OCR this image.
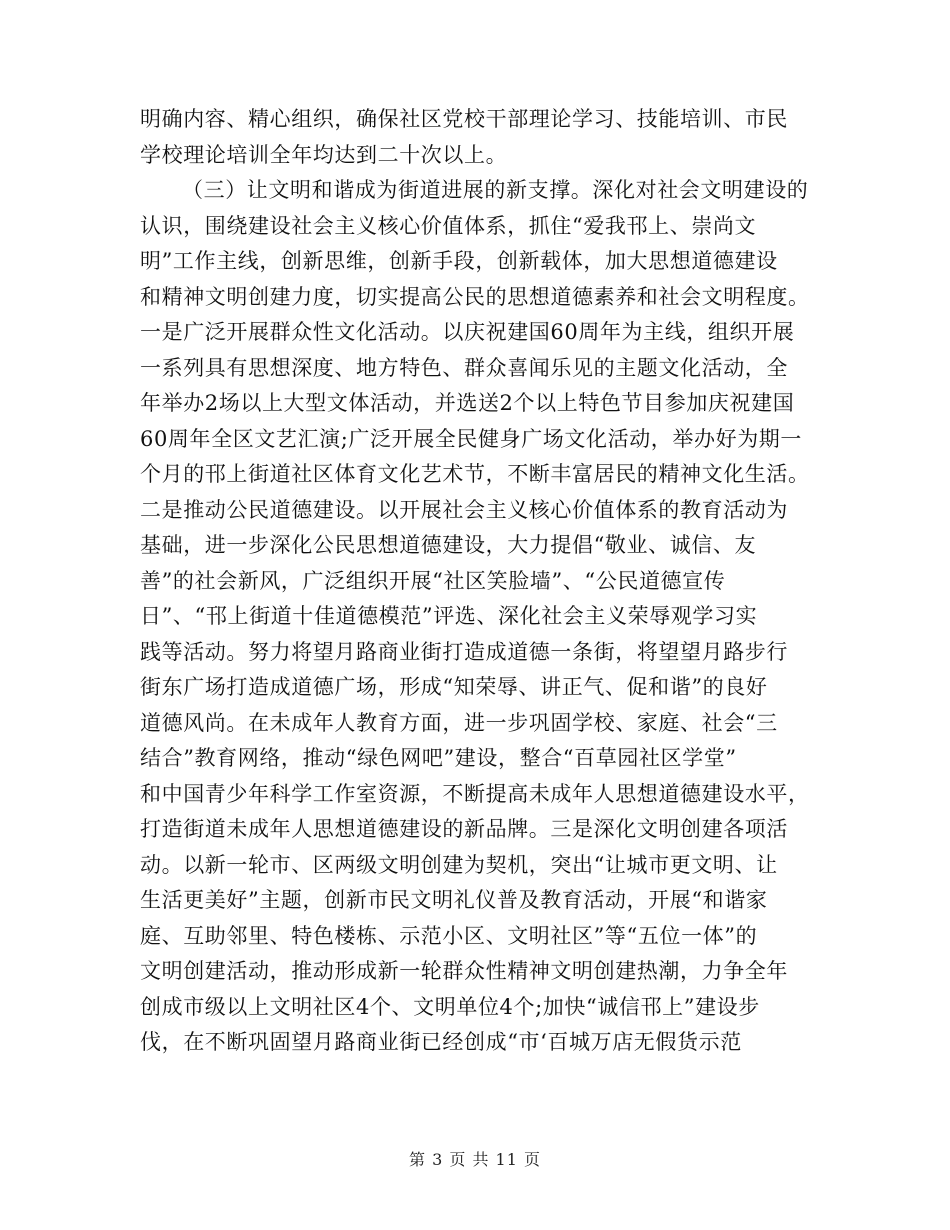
明确内容、精心组织，确保社区党校干部理论学习、技能培训、市民
学校理论培训全年均达到二十次以上。
（三）让文明和谐成为街道进展的新支撑。深化对社会文明建设的
认识，围绕建设社会主义核心价值体系，抓住“爱我邗上、崇尚文
明”工作主线，创新思维，创新手段，创新载体，加大思想道德建设
和精神文明创建力度，切实提高公民的思想道德素养和社会文明程度。
一是广泛开展群众性文化活动。以庆祝建国60周年为主线，组织开展
一系列具有思想深度、地方特色、群众喜闻乐见的主题文化活动，全
年举办2场以上大型文体活动，并选送2个以上特色节目参加庆祝建国
60周年全区文艺汇演;广泛开展全民健身广场文化活动，举办好为期一
个月的邗上街道社区体育文化艺术节，不断丰富居民的精神文化生活。
二是推动公民道德建设。以开展社会主义核心价值体系的教育活动为
基础，进一步深化公民思想道德建设，大力提倡“敬业、诚信、友
善”的社会新风，广泛组织开展“社区笑脸墙”、“公民道德宣传
日”、“邗上街道十佳道德模范”评选、深化社会主义荣辱观学习实
践等活动。努力将望月路商业街打造成道德一条街，将望望月路步行
街东广场打造成道德广场，形成“知荣辱、讲正气、促和谐”的良好
道德风尚。在未成年人教育方面，进一步巩固学校、家庭、社会“三
结合”教育网络，推动“绿色网吧”建设，整合“百草园社区学堂”
和中国青少年科学工作室资源，不断提高未成年人思想道德建设水平，
打造街道未成年人思想道德建设的新品牌。三是深化文明创建各项活
动。以新一轮市、区两级文明创建为契机，突出“让城市更文明、让
生活更美好”主题，创新市民文明礼仪普及教育活动，开展“和谐家
庭、互助邻里、特色楼栋、示范小区、文明社区”等“五位一体”的
文明创建活动，推动形成新一轮群众性精神文明创建热潮，力争全年
创成市级以上文明社区4个、文明单位4个;加快“诚信邗上”建设步
伐，在不断巩固望月路商业街已经创成“市‘百城万店无假货示范
第 3 页 共 11 页
